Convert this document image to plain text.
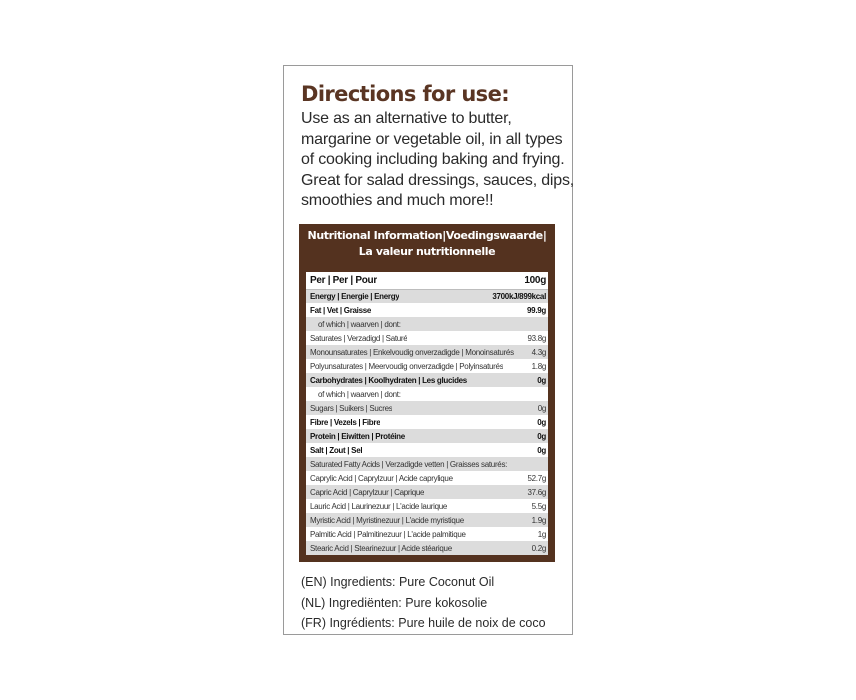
Directions for use:
Use as an alternative to butter,
margarine or vegetable oil, in all types
of cooking including baking and frying.
Great for salad dressings, sauces, dips,
smoothies and much more!!
Nutritional Information|Voedingswaarde|
La valeur nutritionnelle
Per | Per | Pour	100g
Energy | Energie | Energy	3700kJ/899kcal
Fat | Vet | Graisse	99.9g
of which | waarven | dont:
Saturates | Verzadigd | Saturé	93.8g
Monounsaturates | Enkelvoudig onverzadigde | Monoinsaturés	4.3g
Polyunsaturates | Meervoudig onverzadigde | Polyinsaturés	1.8g
Carbohydrates | Koolhydraten | Les glucides	0g
of which | waarven | dont:
Sugars | Suikers | Sucres	0g
Fibre | Vezels | Fibre	0g
Protein | Eiwitten | Protéine	0g
Salt | Zout | Sel	0g
Saturated Fatty Acids | Verzadigde vetten | Graisses saturés:
Caprylic Acid | Caprylzuur | Acide caprylique	52.7g
Capric Acid | Caprylzuur | Caprique	37.6g
Lauric Acid | Laurinezuur | L'acide laurique	5.5g
Myristic Acid | Myristinezuur | L'acide myristique	1.9g
Palmitic Acid | Palmitinezuur | L'acide palmitique	1g
Stearic Acid | Stearinezuur | Acide stéarique	0.2g
(EN) Ingredients: Pure Coconut Oil
(NL) Ingrediënten: Pure kokosolie
(FR) Ingrédients: Pure huile de noix de coco
